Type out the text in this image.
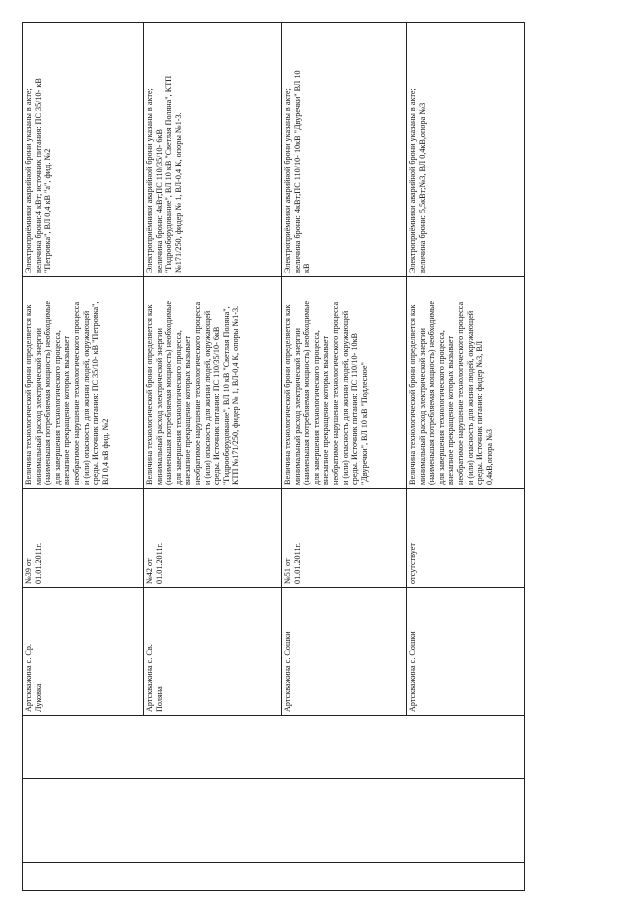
Электроприёмники аварийной брони указаны в акте;
величина брони:4 кВт; источник питания: ПС 35/10- кВ
"Петровка", ВЛ 0,4 кВ "а", фид. №2
Величина технологической брони определяется как
минимальный расход электрической энергии
(наименьшая потребляемая мощность) необходимые
для завершения технологического процесса,
внезапное прекращение которых вызывает
необратимое нарушение технологического процесса
и (или) опасность для жизни людей, окружающей
среды. Источник питания: ПС 35/10- кВ "Петровка",
ВЛ 0,4 кВ фид. №2
№39 от
01.01.2011г.
Артскважина с. Ср.
Луковка
Электроприёмники аварийной брони указаны в акте;
величина брони: 4кВт;ПС 110/35/10- 6кВ
"Гидрооборудование", ВЛ 10 кВ "Светлая Поляна", КТП
№171/250, фидер № 1, ВЛ-0,4 К, опоры №1-3.
Величина технологической брони определяется как
минимальный расход электрической энергии
(наименьшая потребляемая мощность) необходимые
для завершения технологического процесса,
внезапное прекращение которых вызывает
необратимое нарушение технологического процесса
и (или) опасность для жизни людей, окружающей
среды. Источник питания: ПС 110/35/10- 6кВ
"Гидрооборудование", ВЛ 10 кВ "Светлая Поляна",
КТП №171/250, фидер № 1, ВЛ-0,4 К, опоры №1-3.
№42 от
01.01.2011г.
Артскважина с. Св.
Поляна
Электроприёмники аварийной брони указаны в акте;
величина брони: 4кВт;ПС 110/10- 10кВ "Двуречки" ВЛ 10
кВ
Величина технологической брони определяется как
минимальный расход электрической энергии
(наименьшая потребляемая мощность) необходимые
для завершения технологического процесса,
внезапное прекращение которых вызывает
необратимое нарушение технологического процесса
и (или) опасность для жизни людей, окружающей
среды. Источник питания: ПС 110/10- 10кВ
"Двуречки", ВЛ 10 кВ "Подлесное"
№51 от
01.01.2011г.
Артскважина с. Сошки
Электроприёмники аварийной брони указаны в акте;
величина брони: 5,5кВт;№3, ВЛ 0,4кВ,опора №3
Величина технологической брони определяется как
минимальный расход электрической энергии
(наименьшая потребляемая мощность) необходимые
для завершения технологического процесса,
внезапное прекращение которых вызывает
необратимое нарушение технологического процесса
и (или) опасность для жизни людей, окружающей
среды. Источник питания: фидер №3, ВЛ
0,4кВ,опора №3
отсутствует
Артскважина с. Сошки
